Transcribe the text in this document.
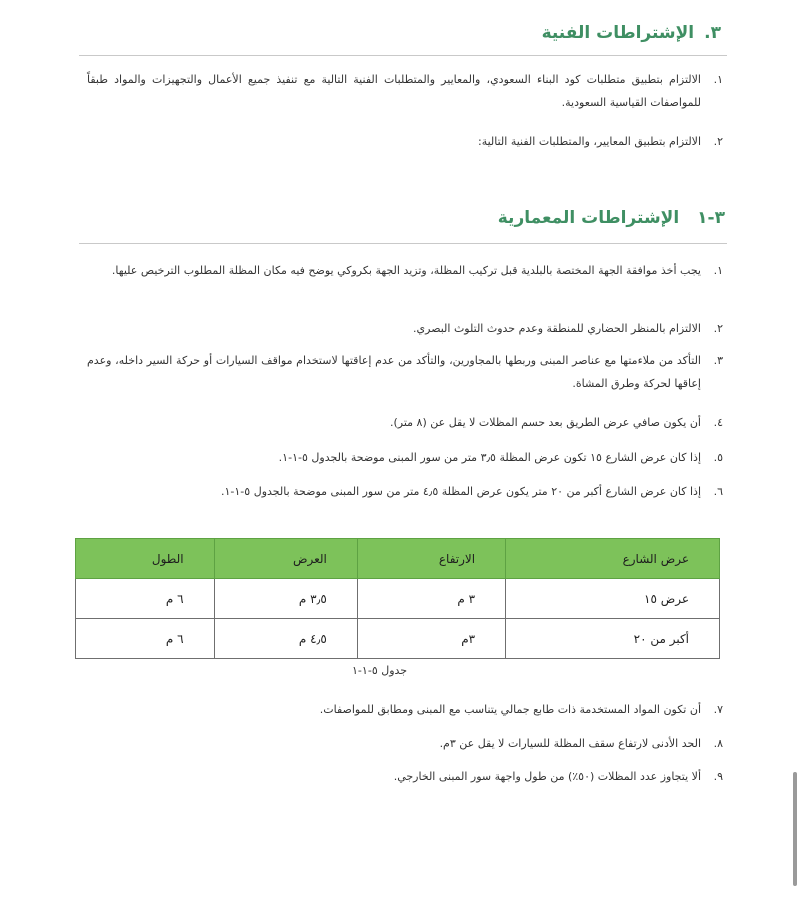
٣.الإشتراطات الفنية
١.
الالتزام بتطبيق متطلبات كود البناء السعودي، والمعايير والمتطلبات الفنية التالية مع تنفيذ جميع الأعمال والتجهيزات والمواد طبقاً للمواصفات القياسية السعودية.
٢.
الالتزام بتطبيق المعايير، والمتطلبات الفنية التالية:
٣-١الإشتراطات المعمارية
١.
يجب أخذ موافقة الجهة المختصة بالبلدية قبل تركيب المظلة، وتزيد الجهة بكروكي يوضح فيه مكان المظلة المطلوب الترخيص عليها.
٢.
الالتزام بالمنظر الحضاري للمنطقة وعدم حدوث التلوث البصري.
٣.
التأكد من ملاءمتها مع عناصر المبنى وربطها بالمجاورين، والتأكد من عدم إعاقتها لاستخدام مواقف السيارات أو حركة السير داخله، وعدم إعاقها لحركة وطرق المشاة.
٤.
أن يكون صافي عرض الطريق بعد حسم المظلات لا يقل عن (٨ متر).
٥.
إذا كان عرض الشارع ١٥ تكون عرض المظلة ٣٫٥ متر من سور المبنى موضحة بالجدول ٥-١-١.
٦.
إذا كان عرض الشارع أكبر من ٢٠ متر يكون عرض المظلة ٤٫٥ متر من سور المبنى موضحة بالجدول ٥-١-١.
عرض الشارع	الارتفاع	العرض	الطول
عرض ١٥	٣ م	٣٫٥ م	٦ م
أكبر من ٢٠	٣م	٤٫٥ م	٦ م
جدول ٥-١-١
٧.
أن تكون المواد المستخدمة ذات طابع جمالي يتناسب مع المبنى ومطابق للمواصفات.
٨.
الحد الأدنى لارتفاع سقف المظلة للسيارات لا يقل عن ٣م.
٩.
ألا يتجاوز عدد المظلات (٥٠٪) من طول واجهة سور المبنى الخارجي.
